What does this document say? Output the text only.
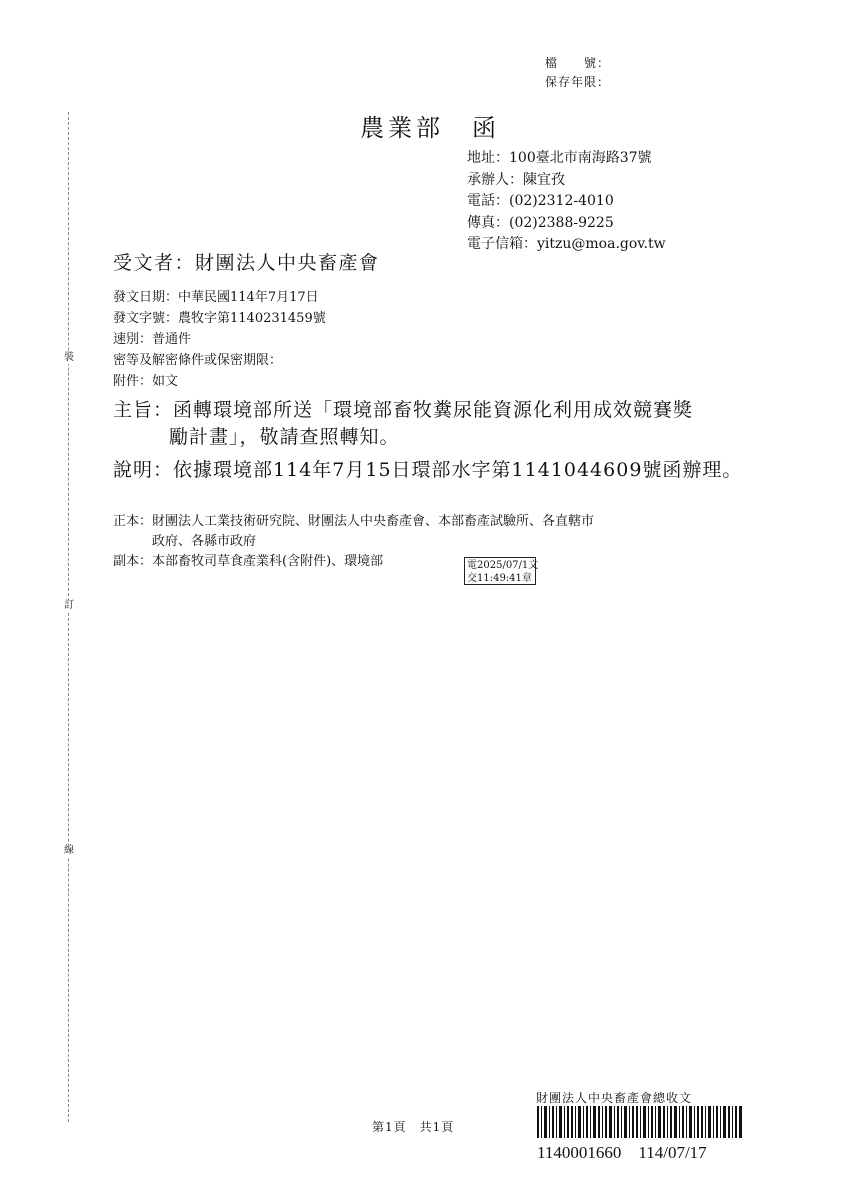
檔　　號：
保存年限：
農業部　函
地址：100臺北市南海路37號
承辦人：陳宜孜
電話：(02)2312-4010
傳真：(02)2388-9225
電子信箱：yitzu@moa.gov.tw
受文者：財團法人中央畜產會
發文日期：中華民國114年7月17日
發文字號：農牧字第1140231459號
速別：普通件
密等及解密條件或保密期限：
附件：如文
主旨：函轉環境部所送「環境部畜牧糞尿能資源化利用成效競賽獎
勵計畫」，敬請查照轉知。
說明：依據環境部114年7月15日環部水字第1141044609號函辦理。
正本：財團法人工業技術研究院、財團法人中央畜產會、本部畜產試驗所、各直轄市
政府、各縣市政府
副本：本部畜牧司草食產業科(含附件)、環境部	電2025/07/1文
交11:49:41章
裝
訂
線
第1頁　共1頁
財團法人中央畜產會總收文
1140001660　114/07/17
